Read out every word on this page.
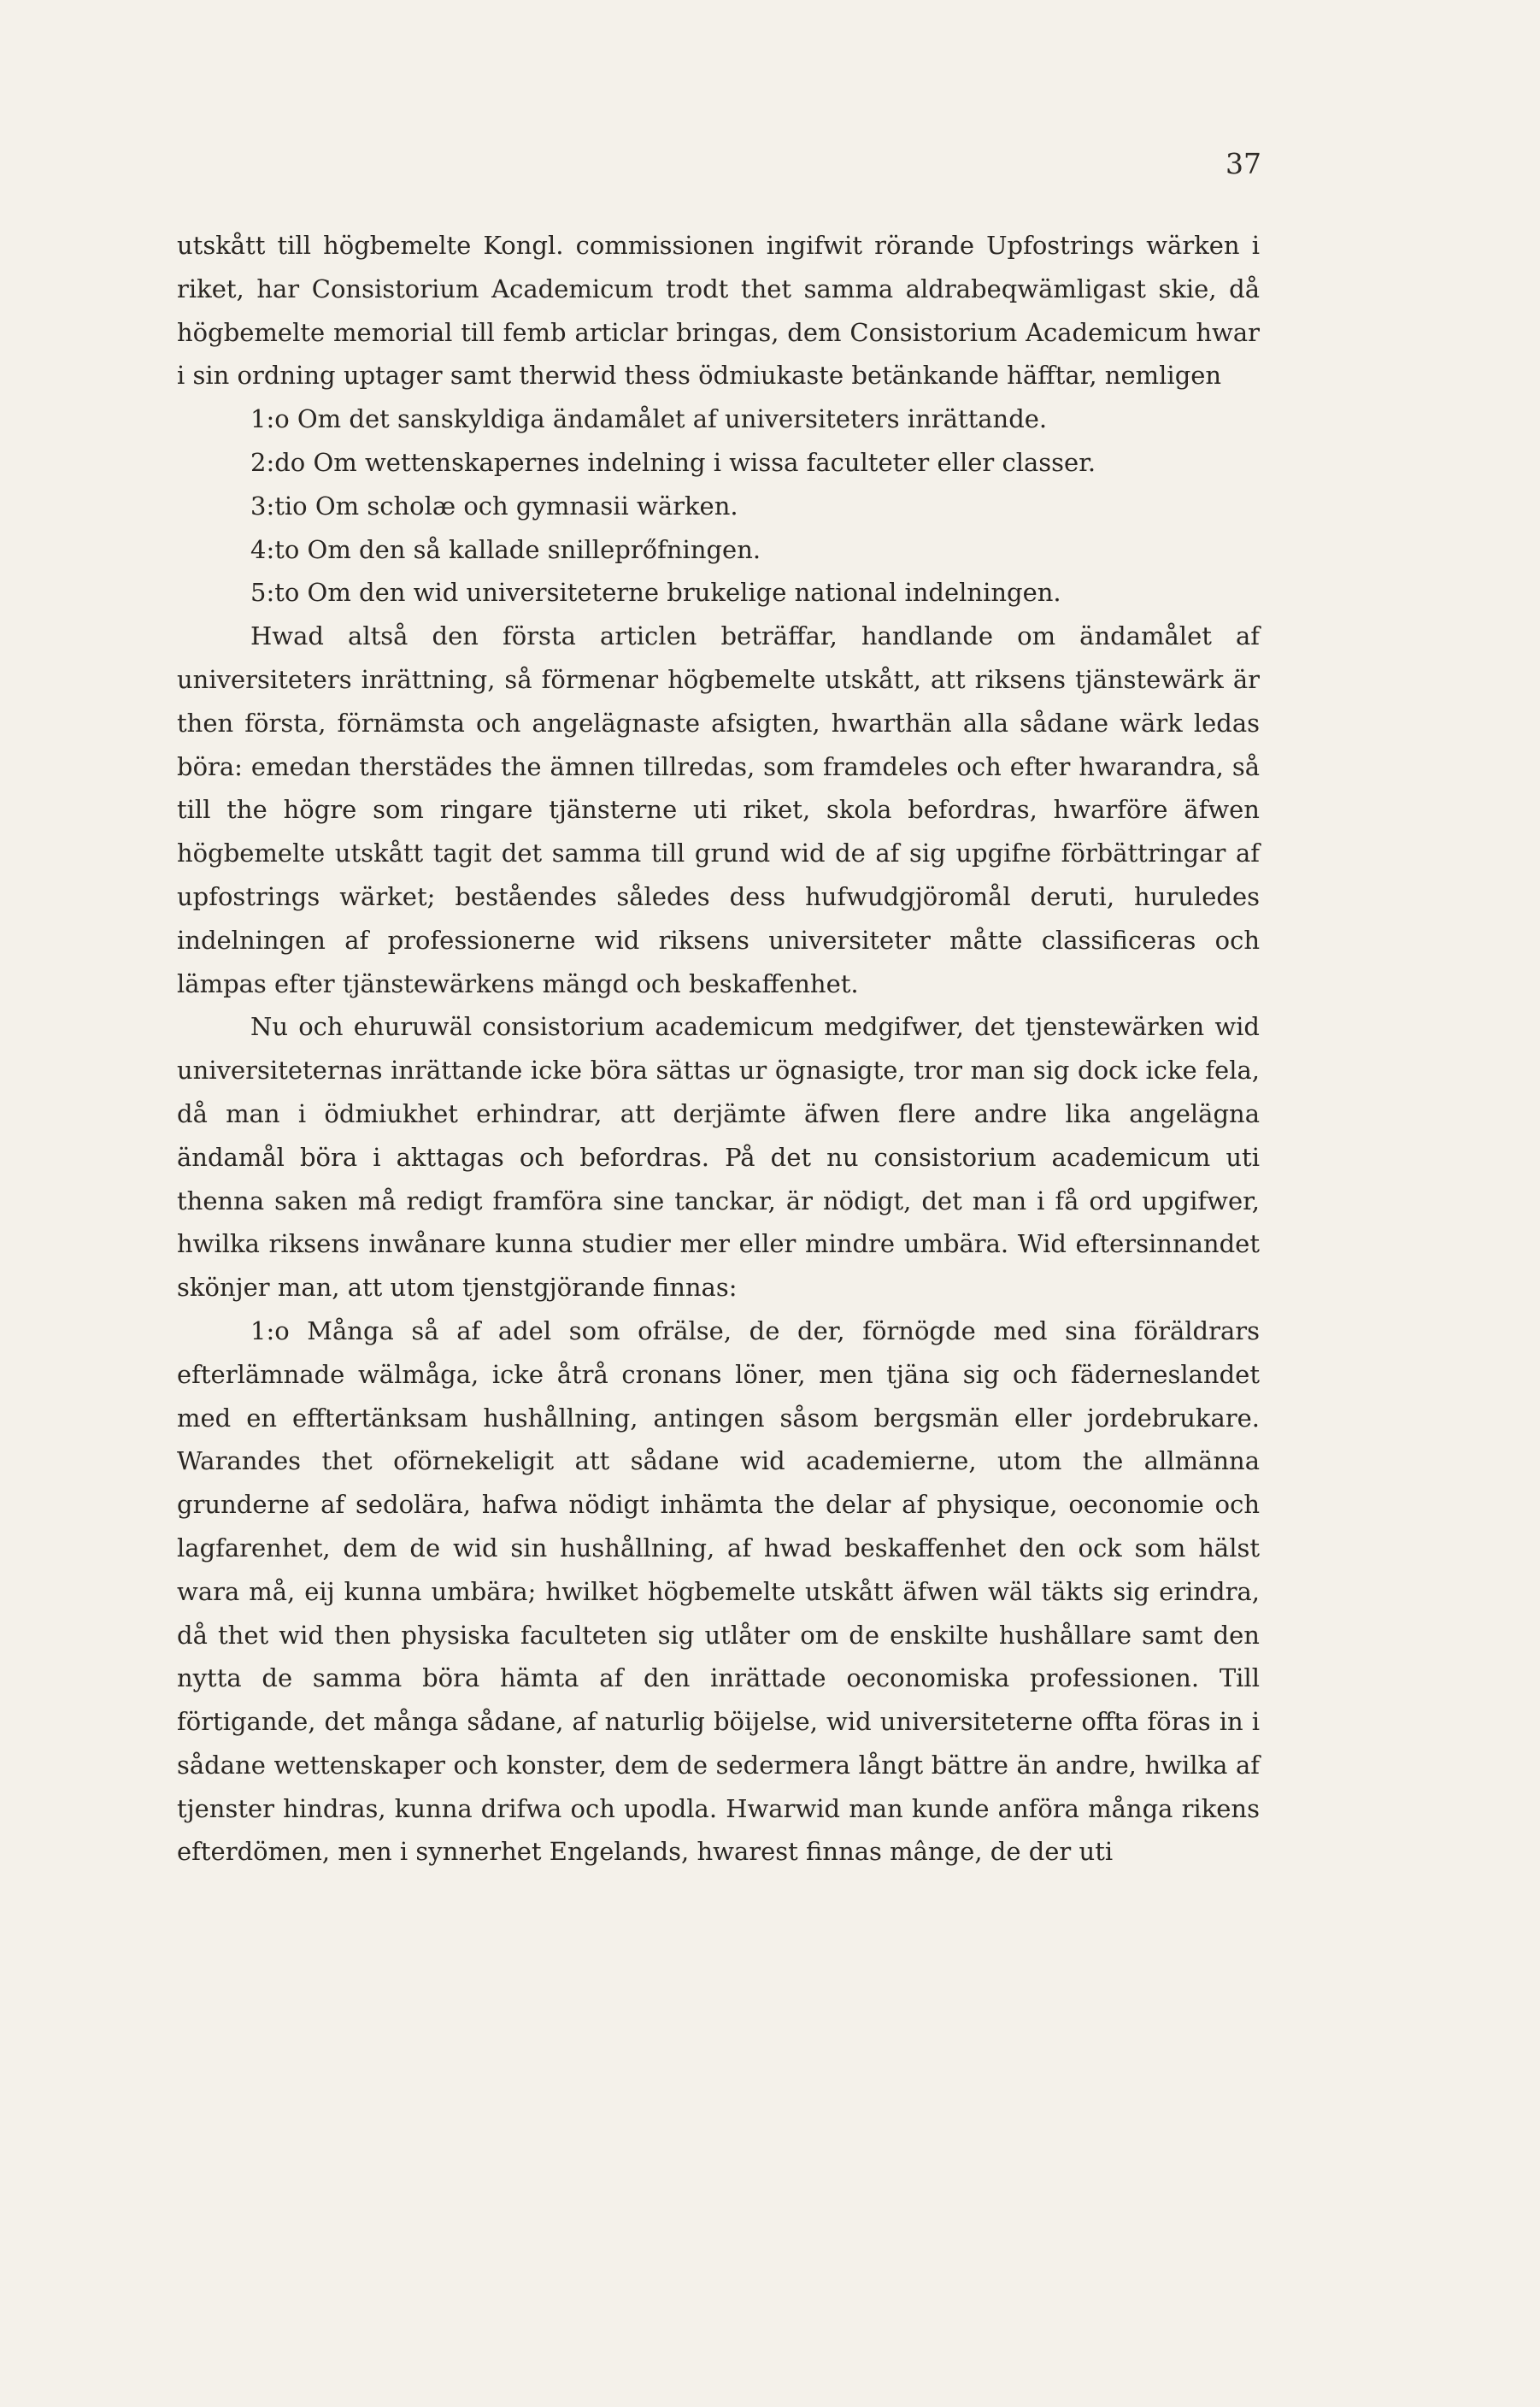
37

utskått till högbemelte Kongl. commissionen ingifwit rörande Upfostrings wärken i riket, har Consistorium Academicum trodt thet samma aldrabeqwämligast skie, då högbemelte memorial till femb articlar bringas, dem Consistorium Academicum hwar i sin ordning uptager samt therwid thess ödmiukaste betänkande häfftar, nemligen

1:o Om det sanskyldiga ändamålet af universiteters inrättande.

2:do Om wettenskapernes indelning i wissa faculteter eller classer.

3:tio Om scholæ och gymnasii wärken.

4:to Om den så kallade snilleprőfningen.

5:to Om den wid universiteterne brukelige national indelningen.

Hwad altså den första articlen beträffar, handlande om ändamålet af universiteters inrättning, så förmenar högbemelte utskått, att riksens tjänstewärk är then första, förnämsta och angelägnaste afsigten, hwarthän alla sådane wärk ledas böra: emedan therstädes the ämnen tillredas, som framdeles och efter hwarandra, så till the högre som ringare tjänsterne uti riket, skola befordras, hwarföre äfwen högbemelte utskått tagit det samma till grund wid de af sig upgifne förbättringar af upfostrings wärket; beståendes således dess hufwudgjöromål deruti, huruledes indelningen af professionerne wid riksens universiteter måtte classificeras och lämpas efter tjänstewärkens mängd och beskaffenhet.

Nu och ehuruwäl consistorium academicum medgifwer, det tjenstewärken wid universiteternas inrättande icke böra sättas ur ögnasigte, tror man sig dock icke fela, då man i ödmiukhet erhindrar, att derjämte äfwen flere andre lika angelägna ändamål böra i akttagas och befordras. På det nu consistorium academicum uti thenna saken må redigt framföra sine tanckar, är nödigt, det man i få ord upgifwer, hwilka riksens inwånare kunna studier mer eller mindre umbära. Wid eftersinnandet skönjer man, att utom tjenstgjörande finnas:

1:o Många så af adel som ofrälse, de der, förnögde med sina föräldrars efterlämnade wälmåga, icke åtrå cronans löner, men tjäna sig och fäderneslandet med en efftertänksam hushållning, antingen såsom bergsmän eller jordebrukare. Warandes thet oförnekeligit att sådane wid academierne, utom the allmänna grunderne af sedolära, hafwa nödigt inhämta the delar af physique, oeconomie och lagfarenhet, dem de wid sin hushållning, af hwad beskaffenhet den ock som hälst wara må, eij kunna umbära; hwilket högbemelte utskått äfwen wäl täkts sig erindra, då thet wid then physiska faculteten sig utlåter om de enskilte hushållare samt den nytta de samma böra hämta af den inrättade oeconomiska professionen. Till förtigande, det många sådane, af naturlig böijelse, wid universiteterne offta föras in i sådane wettenskaper och konster, dem de sedermera långt bättre än andre, hwilka af tjenster hindras, kunna drifwa och upodla. Hwarwid man kunde anföra många rikens efterdömen, men i synnerhet Engelands, hwarest finnas mânge, de der uti
